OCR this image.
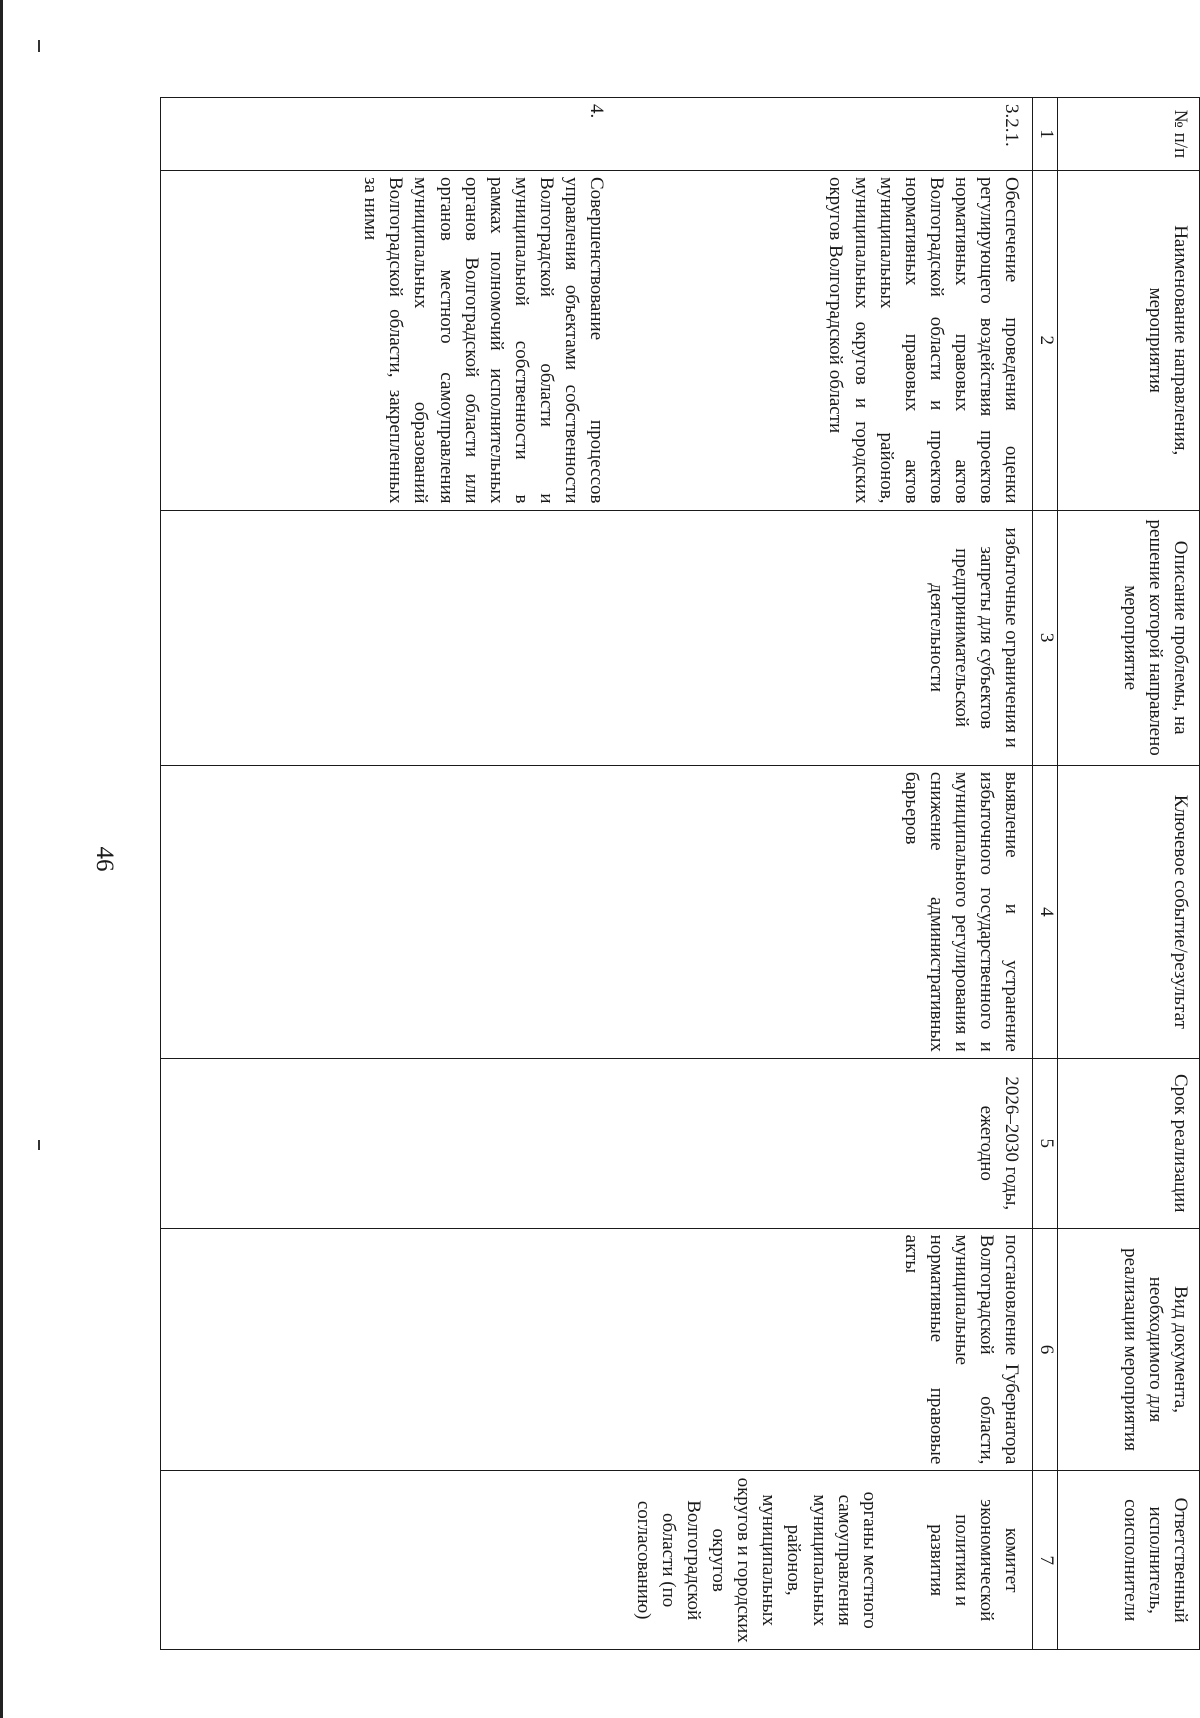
46
№ п/п	Наименование направления, мероприятия	Описание проблемы, на решение которой направлено мероприятие	Ключевое событие/результат	Срок реализации	Вид документа, необходимого для реализации мероприятия	Ответственный исполнитель, соисполнители
1	2	3	4	5	6	7
3.2.1.	Обеспечение проведения оценки регулирующего воздействия проектов нормативных правовых актов Волгоградской области и проектов нормативных правовых актов муниципальных районов, муниципальных округов и городских округов Волгоградской области	избыточные ограничения и запреты для субъектов предпринимательской деятельности	выявление и устранение избыточного государственного и муниципального регулирования и снижение административных барьеров	2026–2030 годы, ежегодно	постановление Губернатора Волгоградской области, муниципальные нормативные правовые акты	комитет экономической политики и развития
органы местного самоуправления муниципальных районов, муниципальных округов и городских округов Волгоградской области (по согласованию)

4.	Совершенствование процессов управления объектами собственности Волгоградской области и муниципальной собственности в рамках полномочий исполнительных органов Волгоградской области или органов местного самоуправления муниципальных образований Волгоградской области, закрепленных за ними					
